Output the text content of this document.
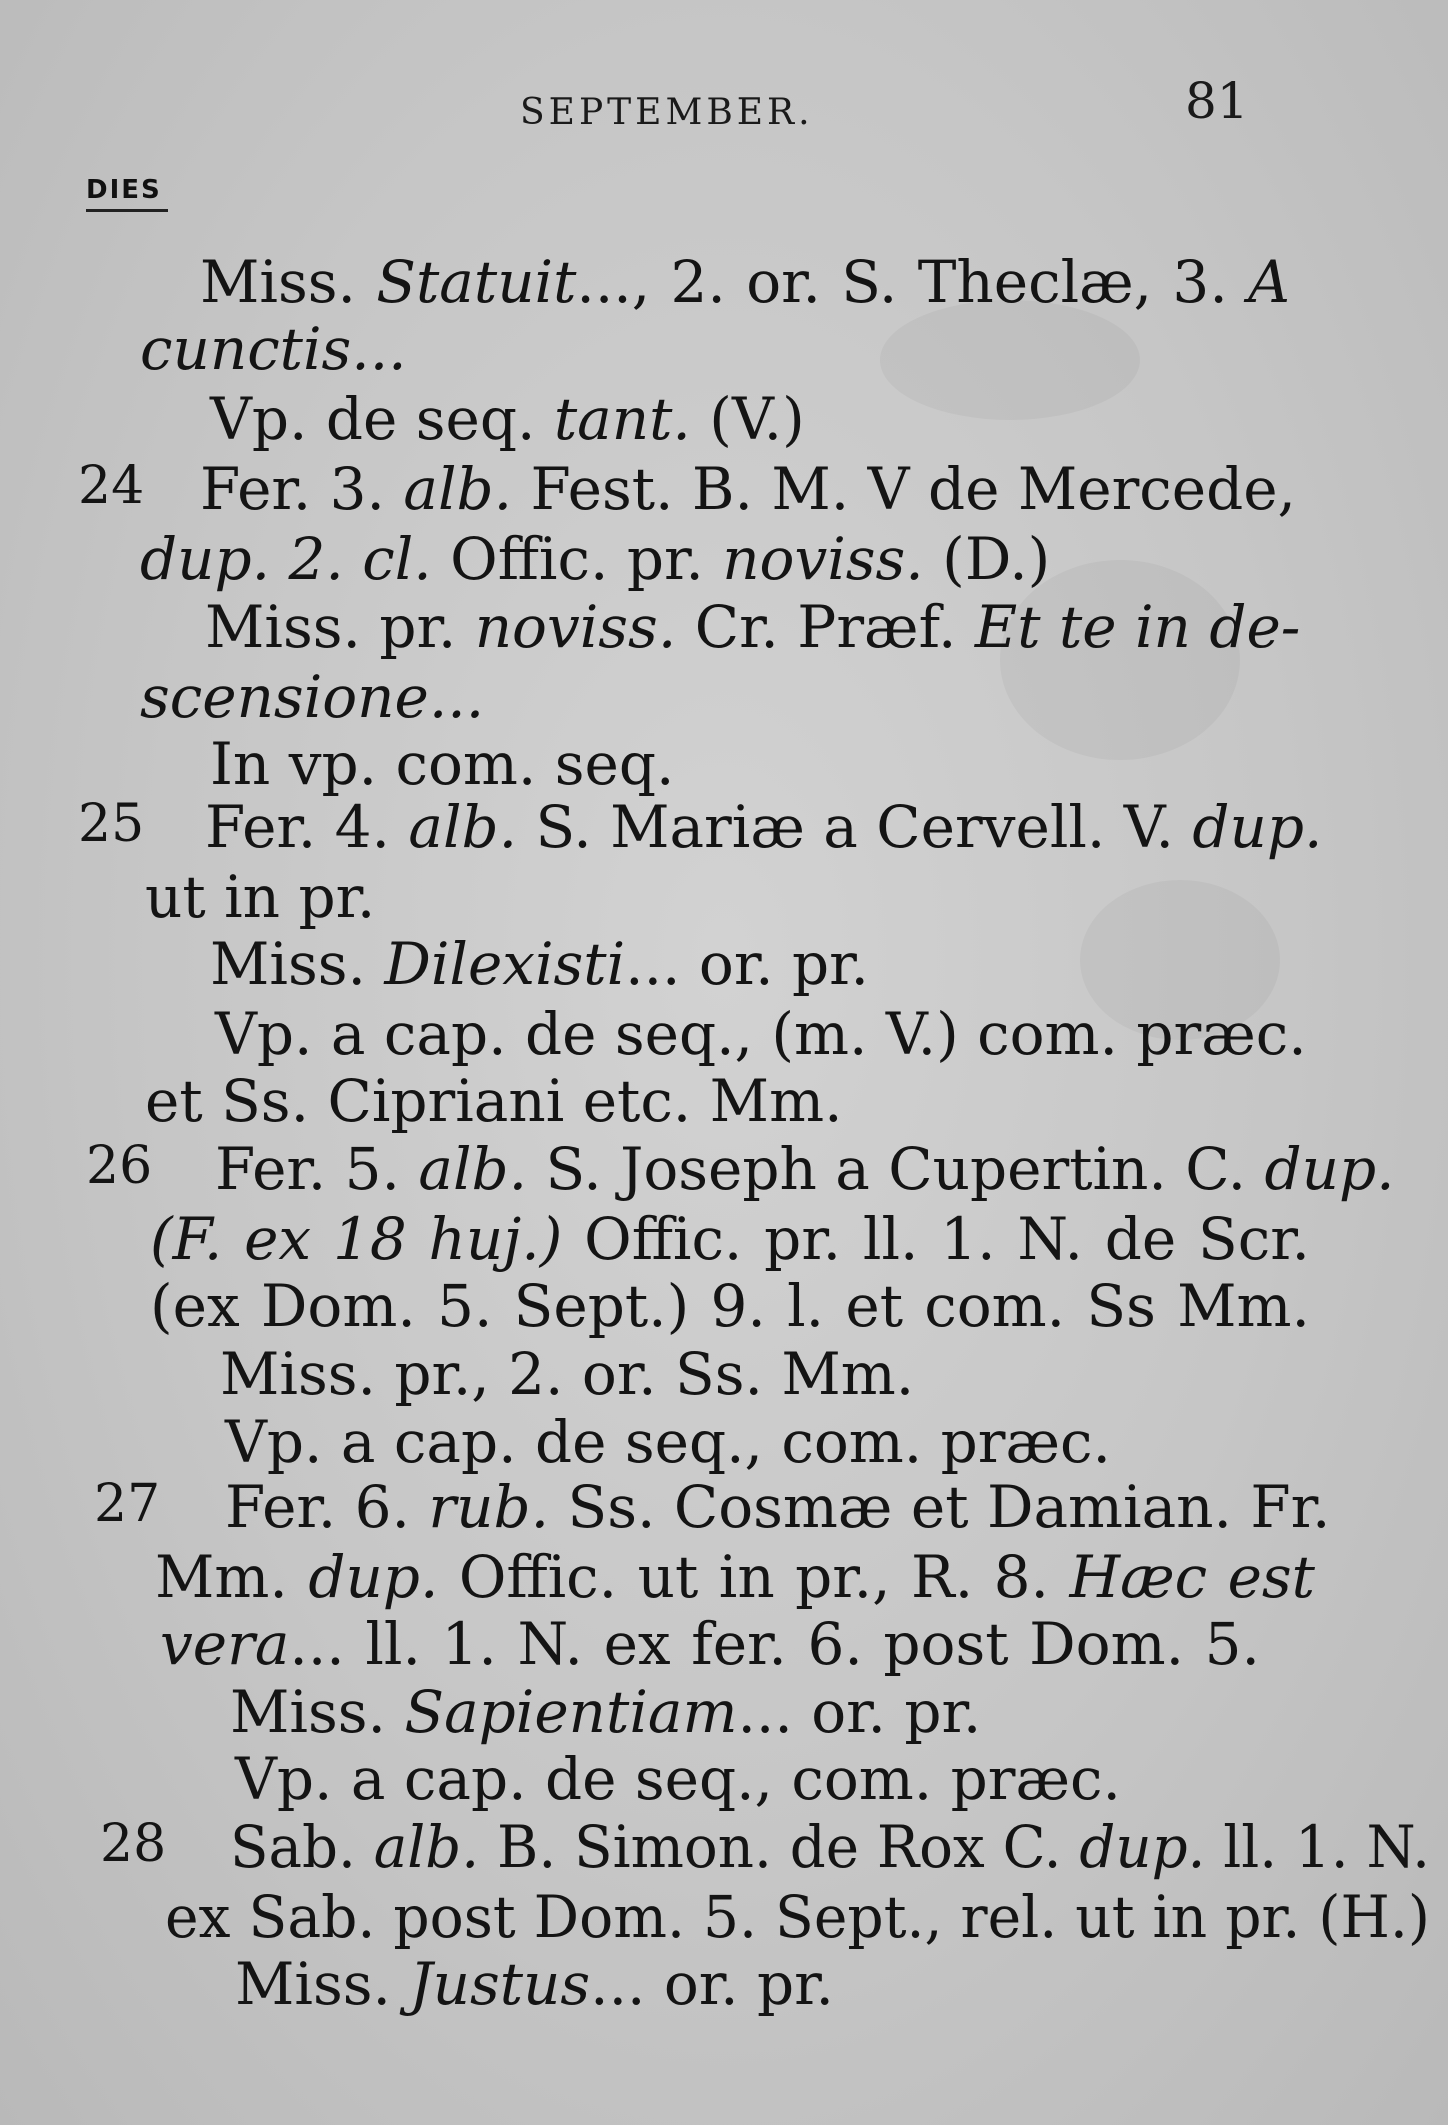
SEPTEMBER.	81
DIES
24
25
26
27
28
Miss. Statuit..., 2. or. S. Theclæ, 3. A
cunctis...
Vp. de seq. tant. (V.)
Fer. 3. alb. Fest. B. M. V de Mercede,
dup. 2. cl. Offic. pr. noviss. (D.)
Miss. pr. noviss. Cr. Præf. Et te in de-
scensione...
In vp. com. seq.
Fer. 4. alb. S. Mariæ a Cervell. V. dup.
ut in pr.
Miss. Dilexisti... or. pr.
Vp. a cap. de seq., (m. V.) com. præc.
et Ss. Cipriani etc. Mm.
Fer. 5. alb. S. Joseph a Cupertin. C. dup.
(F. ex 18 huj.) Offic. pr. ll. 1. N. de Scr.
(ex Dom. 5. Sept.) 9. l. et com. Ss Mm.
Miss. pr., 2. or. Ss. Mm.
Vp. a cap. de seq., com. præc.
Fer. 6. rub. Ss. Cosmæ et Damian. Fr.
Mm. dup. Offic. ut in pr., R. 8. Hæc est
vera... ll. 1. N. ex fer. 6. post Dom. 5.
Miss. Sapientiam... or. pr.
Vp. a cap. de seq., com. præc.
Sab. alb. B. Simon. de Rox C. dup. ll. 1. N.
ex Sab. post Dom. 5. Sept., rel. ut in pr. (H.)
Miss. Justus... or. pr.
